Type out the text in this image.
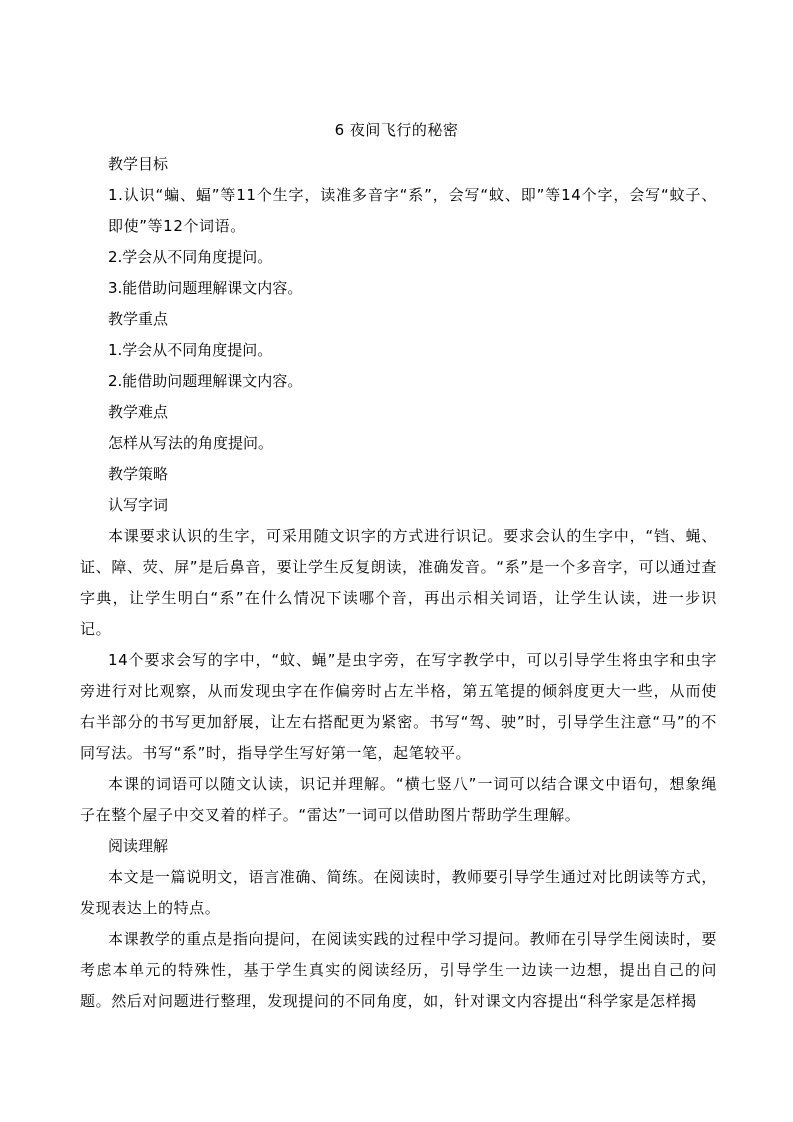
6 夜间飞行的秘密

教学目标

1.认识“蝙、蝠”等11个生字，读准多音字“系”，会写“蚊、即”等14个字，会写“蚊子、即使”等12个词语。

2.学会从不同角度提问。

3.能借助问题理解课文内容。

教学重点

1.学会从不同角度提问。

2.能借助问题理解课文内容。

教学难点

怎样从写法的角度提问。

教学策略

认写字词

本课要求认识的生字，可采用随文识字的方式进行识记。要求会认的生字中，“铛、蝇、证、障、荧、屏”是后鼻音，要让学生反复朗读，准确发音。“系”是一个多音字，可以通过查字典，让学生明白“系”在什么情况下读哪个音，再出示相关词语，让学生认读，进一步识记。

14个要求会写的字中，“蚊、蝇”是虫字旁，在写字教学中，可以引导学生将虫字和虫字旁进行对比观察，从而发现虫字在作偏旁时占左半格，第五笔提的倾斜度更大一些，从而使右半部分的书写更加舒展，让左右搭配更为紧密。书写“驾、驶”时，引导学生注意“马”的不同写法。书写“系”时，指导学生写好第一笔，起笔较平。

本课的词语可以随文认读，识记并理解。“横七竖八”一词可以结合课文中语句，想象绳子在整个屋子中交叉着的样子。“雷达”一词可以借助图片帮助学生理解。

阅读理解

本文是一篇说明文，语言准确、简练。在阅读时，教师要引导学生通过对比朗读等方式，发现表达上的特点。

本课教学的重点是指向提问，在阅读实践的过程中学习提问。教师在引导学生阅读时，要考虑本单元的特殊性，基于学生真实的阅读经历，引导学生一边读一边想，提出自己的问题。然后对问题进行整理，发现提问的不同角度，如，针对课文内容提出“科学家是怎样揭
